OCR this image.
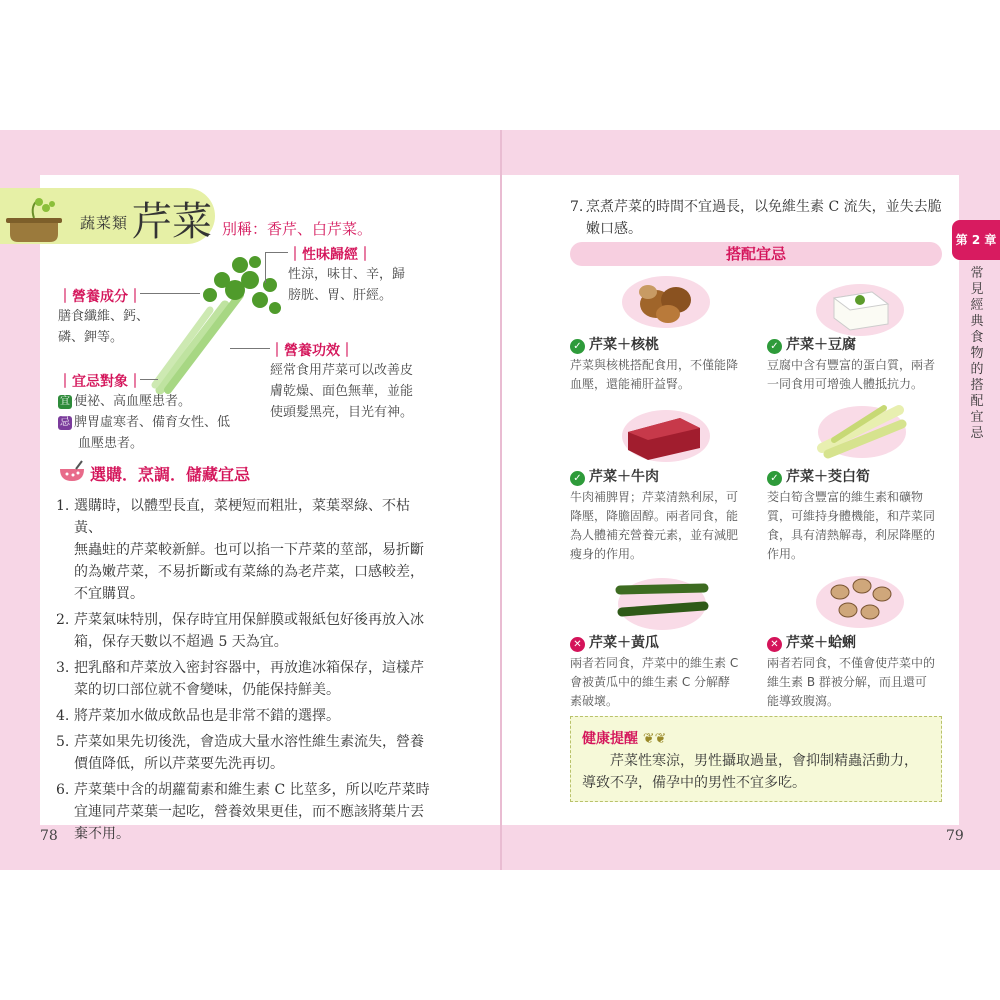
蔬菜類 芹菜 別稱：香芹、白芹菜。
｜性味歸經｜
性涼，味甘、辛，歸
膀胱、胃、肝經。
｜營養成分｜
膳食纖維、鈣、
磷、鉀等。
｜營養功效｜
經常食用芹菜可以改善皮
膚乾燥、面色無華，並能
使頭髮黑亮，目光有神。
｜宜忌對象｜
宜 便祕、高血壓患者。
忌 脾胃虛寒者、備育女性、低
血壓患者。
選購．烹調．儲藏宜忌
1. 選購時，以體型長直，菜梗短而粗壯，菜葉翠綠、不枯黃、
無蟲蛀的芹菜較新鮮。也可以掐一下芹菜的莖部，易折斷
的為嫩芹菜，不易折斷或有菜絲的為老芹菜，口感較差，
不宜購買。
2. 芹菜氣味特別，保存時宜用保鮮膜或報紙包好後再放入冰
箱，保存天數以不超過 5 天為宜。
3. 把乳酪和芹菜放入密封容器中，再放進冰箱保存，這樣芹
菜的切口部位就不會變味，仍能保持鮮美。
4. 將芹菜加水做成飲品也是非常不錯的選擇。
5. 芹菜如果先切後洗，會造成大量水溶性維生素流失，營養
價值降低，所以芹菜要先洗再切。
6. 芹菜葉中含的胡蘿蔔素和維生素 C 比莖多，所以吃芹菜時
宜連同芹菜葉一起吃，營養效果更佳，而不應該將葉片丟
棄不用。
78
7. 烹煮芹菜的時間不宜過長，以免維生素 C 流失，並失去脆
嫩口感。
搭配宜忌
第 2 章
常
見
經
典
食
物
的
搭
配
宜
忌
✓ 芹菜＋核桃
芹菜與核桃搭配食用，不僅能降
血壓，還能補肝益腎。
✓ 芹菜＋豆腐
豆腐中含有豐富的蛋白質，兩者
一同食用可增強人體抵抗力。
✓ 芹菜＋牛肉
牛肉補脾胃；芹菜清熱利尿，可
降壓，降膽固醇。兩者同食，能
為人體補充營養元素，並有減肥
瘦身的作用。
✓ 芹菜＋茭白筍
茭白筍含豐富的維生素和礦物
質，可維持身體機能，和芹菜同
食，具有清熱解毒，利尿降壓的
作用。
✕ 芹菜＋黃瓜
兩者若同食，芹菜中的維生素 C
會被黃瓜中的維生素 C 分解酵
素破壞。
✕ 芹菜＋蛤蜊
兩者若同食，不僅會使芹菜中的
維生素 B 群被分解，而且還可
能導致腹瀉。
健康提醒 ❦❦
芹菜性寒涼，男性攝取過量，會抑制精蟲活動力，
導致不孕，備孕中的男性不宜多吃。
79
